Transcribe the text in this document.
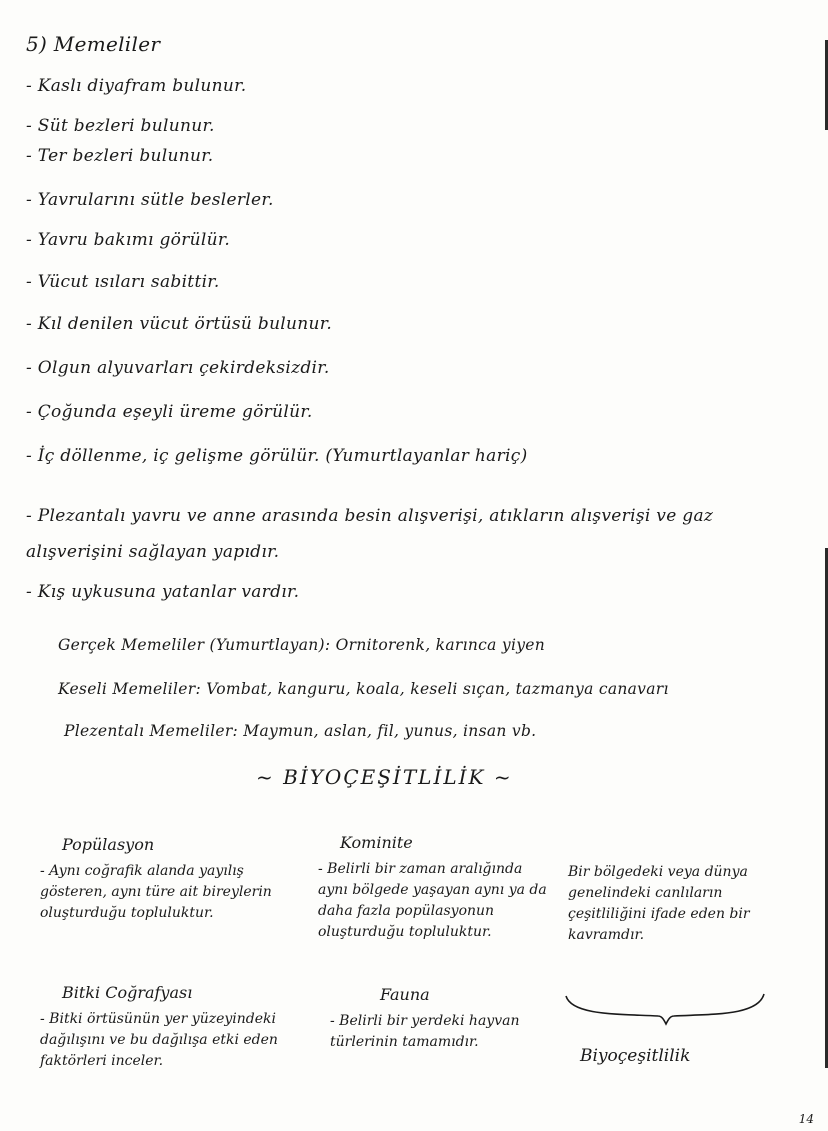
5) Memeliler
- Kaslı diyafram bulunur.
- Süt bezleri bulunur.
- Ter bezleri bulunur.
- Yavrularını sütle beslerler.
- Yavru bakımı görülür.
- Vücut ısıları sabittir.
- Kıl denilen vücut örtüsü bulunur.
- Olgun alyuvarları çekirdeksizdir.
- Çoğunda eşeyli üreme görülür.
- İç döllenme, iç gelişme görülür. (Yumurtlayanlar hariç)
- Plezantalı yavru ve anne arasında besin alışverişi, atıkların alışverişi ve gaz alışverişini sağlayan yapıdır.
- Kış uykusuna yatanlar vardır.
Gerçek Memeliler (Yumurtlayan): Ornitorenk, karınca yiyen
Keseli Memeliler: Vombat, kanguru, koala, keseli sıçan, tazmanya canavarı
Plezentalı Memeliler: Maymun, aslan, fil, yunus, insan vb.
~ BİYOÇEŞİTLİLİK ~
Popülasyon
- Aynı coğrafik alanda yayılış gösteren, aynı türe ait bireylerin oluşturduğu topluluktur.
Kominite
- Belirli bir zaman aralığında aynı bölgede yaşayan aynı ya da daha fazla popülasyonun oluşturduğu topluluktur.
Bir bölgedeki veya dünya genelindeki canlıların çeşitliliğini ifade eden bir kavramdır.
Bitki Coğrafyası
- Bitki örtüsünün yer yüzeyindeki dağılışını ve bu dağılışa etki eden faktörleri inceler.
Fauna
- Belirli bir yerdeki hayvan türlerinin tamamıdır.
Biyoçeşitlilik
14
